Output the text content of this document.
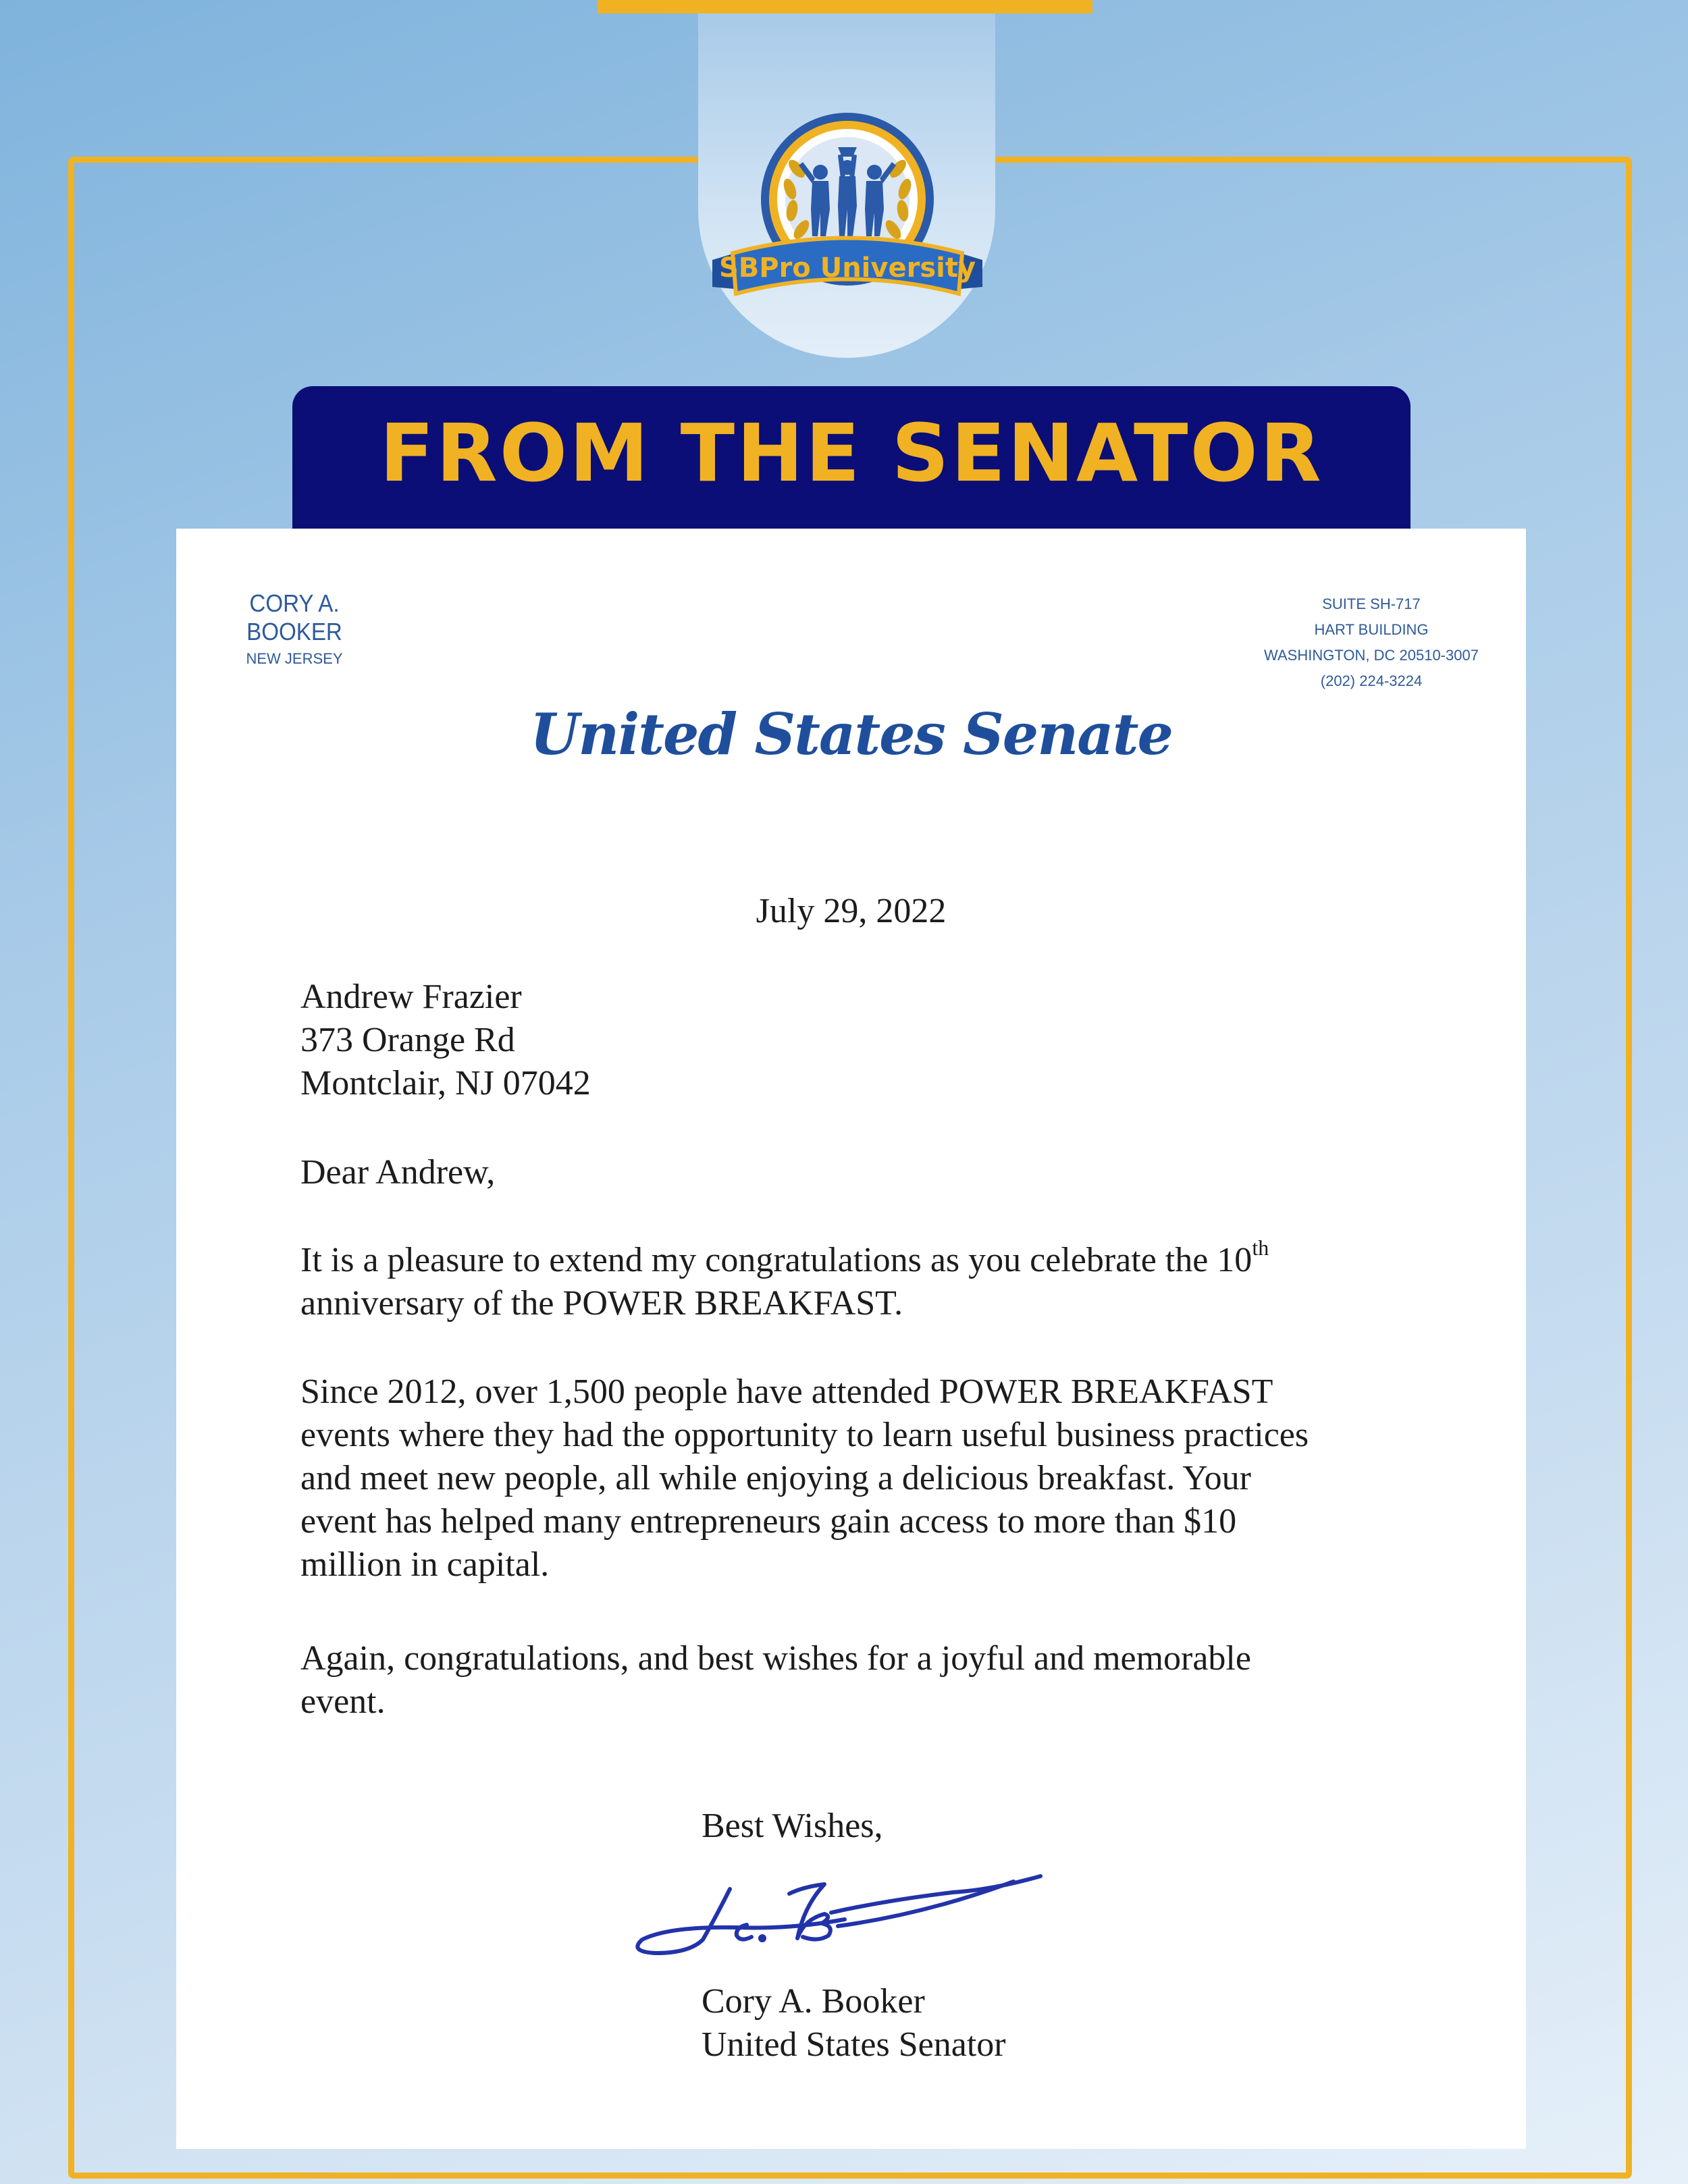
SBPro University
FROM THE SENATOR
CORY A. BOOKER
NEW JERSEY
SUITE SH-717
HART BUILDING
WASHINGTON, DC 20510-3007
(202) 224-3224
United States Senate
July 29, 2022
Andrew Frazier
373 Orange Rd
Montclair, NJ 07042
Dear Andrew,

It is a pleasure to extend my congratulations as you celebrate the 10th

anniversary of the POWER BREAKFAST.

Since 2012, over 1,500 people have attended POWER BREAKFAST

events where they had the opportunity to learn useful business practices

and meet new people, all while enjoying a delicious breakfast. Your

event has helped many entrepreneurs gain access to more than $10

million in capital.

Again, congratulations, and best wishes for a joyful and memorable

event.

Best Wishes,
Cory A. Booker
United States Senator
